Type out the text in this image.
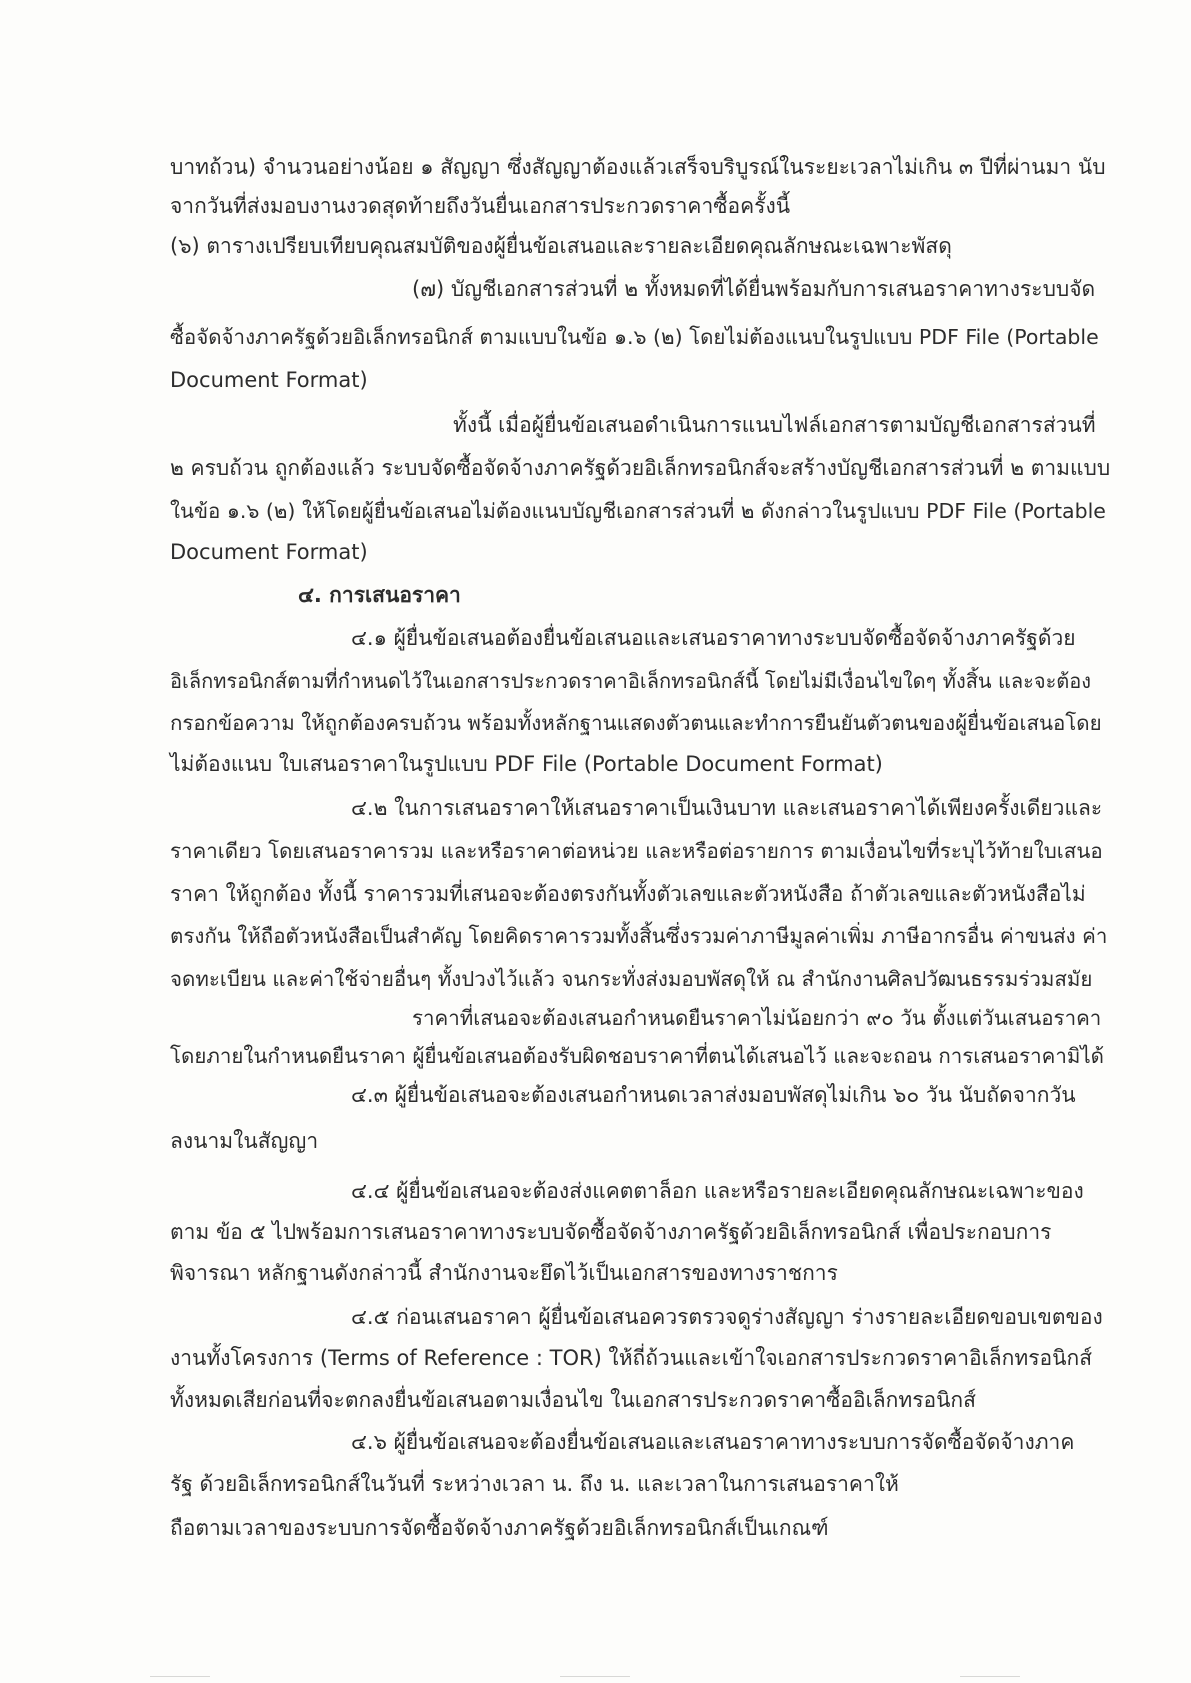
บาทถ้วน) จำนวนอย่างน้อย ๑ สัญญา ซึ่งสัญญาต้องแล้วเสร็จบริบูรณ์ในระยะเวลาไม่เกิน ๓ ปีที่ผ่านมา นับ
จากวันที่ส่งมอบงานงวดสุดท้ายถึงวันยื่นเอกสารประกวดราคาซื้อครั้งนี้
(๖) ตารางเปรียบเทียบคุณสมบัติของผู้ยื่นข้อเสนอและรายละเอียดคุณลักษณะเฉพาะพัสดุ
(๗) บัญชีเอกสารส่วนที่ ๒ ทั้งหมดที่ได้ยื่นพร้อมกับการเสนอราคาทางระบบจัด
ซื้อจัดจ้างภาครัฐด้วยอิเล็กทรอนิกส์ ตามแบบในข้อ ๑.๖ (๒) โดยไม่ต้องแนบในรูปแบบ PDF File (Portable
Document Format)
ทั้งนี้ เมื่อผู้ยื่นข้อเสนอดำเนินการแนบไฟล์เอกสารตามบัญชีเอกสารส่วนที่
๒ ครบถ้วน ถูกต้องแล้ว ระบบจัดซื้อจัดจ้างภาครัฐด้วยอิเล็กทรอนิกส์จะสร้างบัญชีเอกสารส่วนที่ ๒ ตามแบบ
ในข้อ ๑.๖ (๒) ให้โดยผู้ยื่นข้อเสนอไม่ต้องแนบบัญชีเอกสารส่วนที่ ๒ ดังกล่าวในรูปแบบ PDF File (Portable
Document Format)
๔. การเสนอราคา
๔.๑ ผู้ยื่นข้อเสนอต้องยื่นข้อเสนอและเสนอราคาทางระบบจัดซื้อจัดจ้างภาครัฐด้วย
อิเล็กทรอนิกส์ตามที่กำหนดไว้ในเอกสารประกวดราคาอิเล็กทรอนิกส์นี้ โดยไม่มีเงื่อนไขใดๆ ทั้งสิ้น และจะต้อง
กรอกข้อความ ให้ถูกต้องครบถ้วน พร้อมทั้งหลักฐานแสดงตัวตนและทำการยืนยันตัวตนของผู้ยื่นข้อเสนอโดย
ไม่ต้องแนบ ใบเสนอราคาในรูปแบบ PDF File (Portable Document Format)
๔.๒ ในการเสนอราคาให้เสนอราคาเป็นเงินบาท และเสนอราคาได้เพียงครั้งเดียวและ
ราคาเดียว โดยเสนอราคารวม และหรือราคาต่อหน่วย และหรือต่อรายการ ตามเงื่อนไขที่ระบุไว้ท้ายใบเสนอ
ราคา ให้ถูกต้อง ทั้งนี้ ราคารวมที่เสนอจะต้องตรงกันทั้งตัวเลขและตัวหนังสือ ถ้าตัวเลขและตัวหนังสือไม่
ตรงกัน ให้ถือตัวหนังสือเป็นสำคัญ โดยคิดราคารวมทั้งสิ้นซึ่งรวมค่าภาษีมูลค่าเพิ่ม ภาษีอากรอื่น ค่าขนส่ง ค่า
จดทะเบียน และค่าใช้จ่ายอื่นๆ ทั้งปวงไว้แล้ว จนกระทั่งส่งมอบพัสดุให้ ณ สำนักงานศิลปวัฒนธรรมร่วมสมัย
ราคาที่เสนอจะต้องเสนอกำหนดยืนราคาไม่น้อยกว่า ๙๐ วัน ตั้งแต่วันเสนอราคา
โดยภายในกำหนดยืนราคา ผู้ยื่นข้อเสนอต้องรับผิดชอบราคาที่ตนได้เสนอไว้ และจะถอน การเสนอราคามิได้
๔.๓ ผู้ยื่นข้อเสนอจะต้องเสนอกำหนดเวลาส่งมอบพัสดุไม่เกิน ๖๐ วัน นับถัดจากวัน
ลงนามในสัญญา
๔.๔ ผู้ยื่นข้อเสนอจะต้องส่งแคตตาล็อก และหรือรายละเอียดคุณลักษณะเฉพาะของ
ตาม ข้อ ๕ ไปพร้อมการเสนอราคาทางระบบจัดซื้อจัดจ้างภาครัฐด้วยอิเล็กทรอนิกส์ เพื่อประกอบการ
พิจารณา หลักฐานดังกล่าวนี้ สำนักงานจะยึดไว้เป็นเอกสารของทางราชการ
๔.๕ ก่อนเสนอราคา ผู้ยื่นข้อเสนอควรตรวจดูร่างสัญญา ร่างรายละเอียดขอบเขตของ
งานทั้งโครงการ (Terms of Reference : TOR) ให้ถี่ถ้วนและเข้าใจเอกสารประกวดราคาอิเล็กทรอนิกส์
ทั้งหมดเสียก่อนที่จะตกลงยื่นข้อเสนอตามเงื่อนไข ในเอกสารประกวดราคาซื้ออิเล็กทรอนิกส์
๔.๖ ผู้ยื่นข้อเสนอจะต้องยื่นข้อเสนอและเสนอราคาทางระบบการจัดซื้อจัดจ้างภาค
รัฐ ด้วยอิเล็กทรอนิกส์ในวันที่ ระหว่างเวลา น. ถึง น. และเวลาในการเสนอราคาให้
ถือตามเวลาของระบบการจัดซื้อจัดจ้างภาครัฐด้วยอิเล็กทรอนิกส์เป็นเกณฑ์
